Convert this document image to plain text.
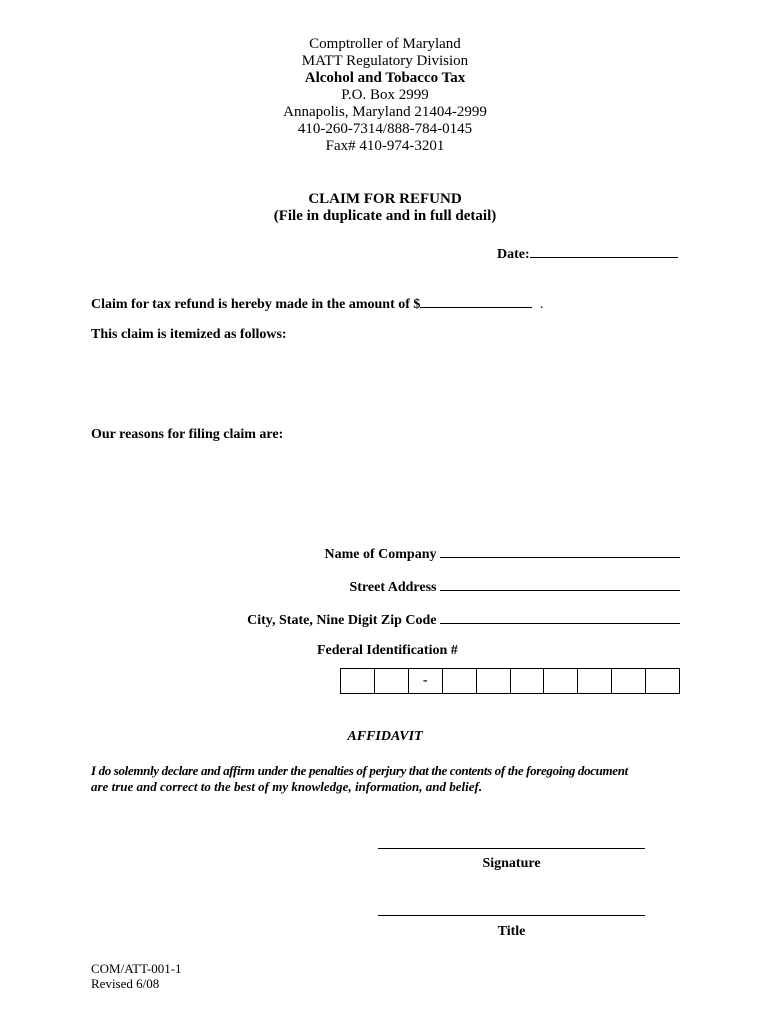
Comptroller of Maryland
MATT Regulatory Division
Alcohol and Tobacco Tax
P.O. Box 2999
Annapolis, Maryland 21404-2999
410-260-7314/888-784-0145
Fax# 410-974-3201
CLAIM FOR REFUND
(File in duplicate and in full detail)
Date:
Claim for tax refund is hereby made in the amount of $	.
This claim is itemized as follows:
Our reasons for filing claim are:
Name of Company
Street Address
City, State, Nine Digit Zip Code
Federal Identification #
-
AFFIDAVIT
I do solemnly declare and affirm under the penalties of perjury that the contents of the foregoing document
are true and correct to the best of my knowledge, information, and belief.
Signature
Title
COM/ATT-001-1
Revised 6/08
